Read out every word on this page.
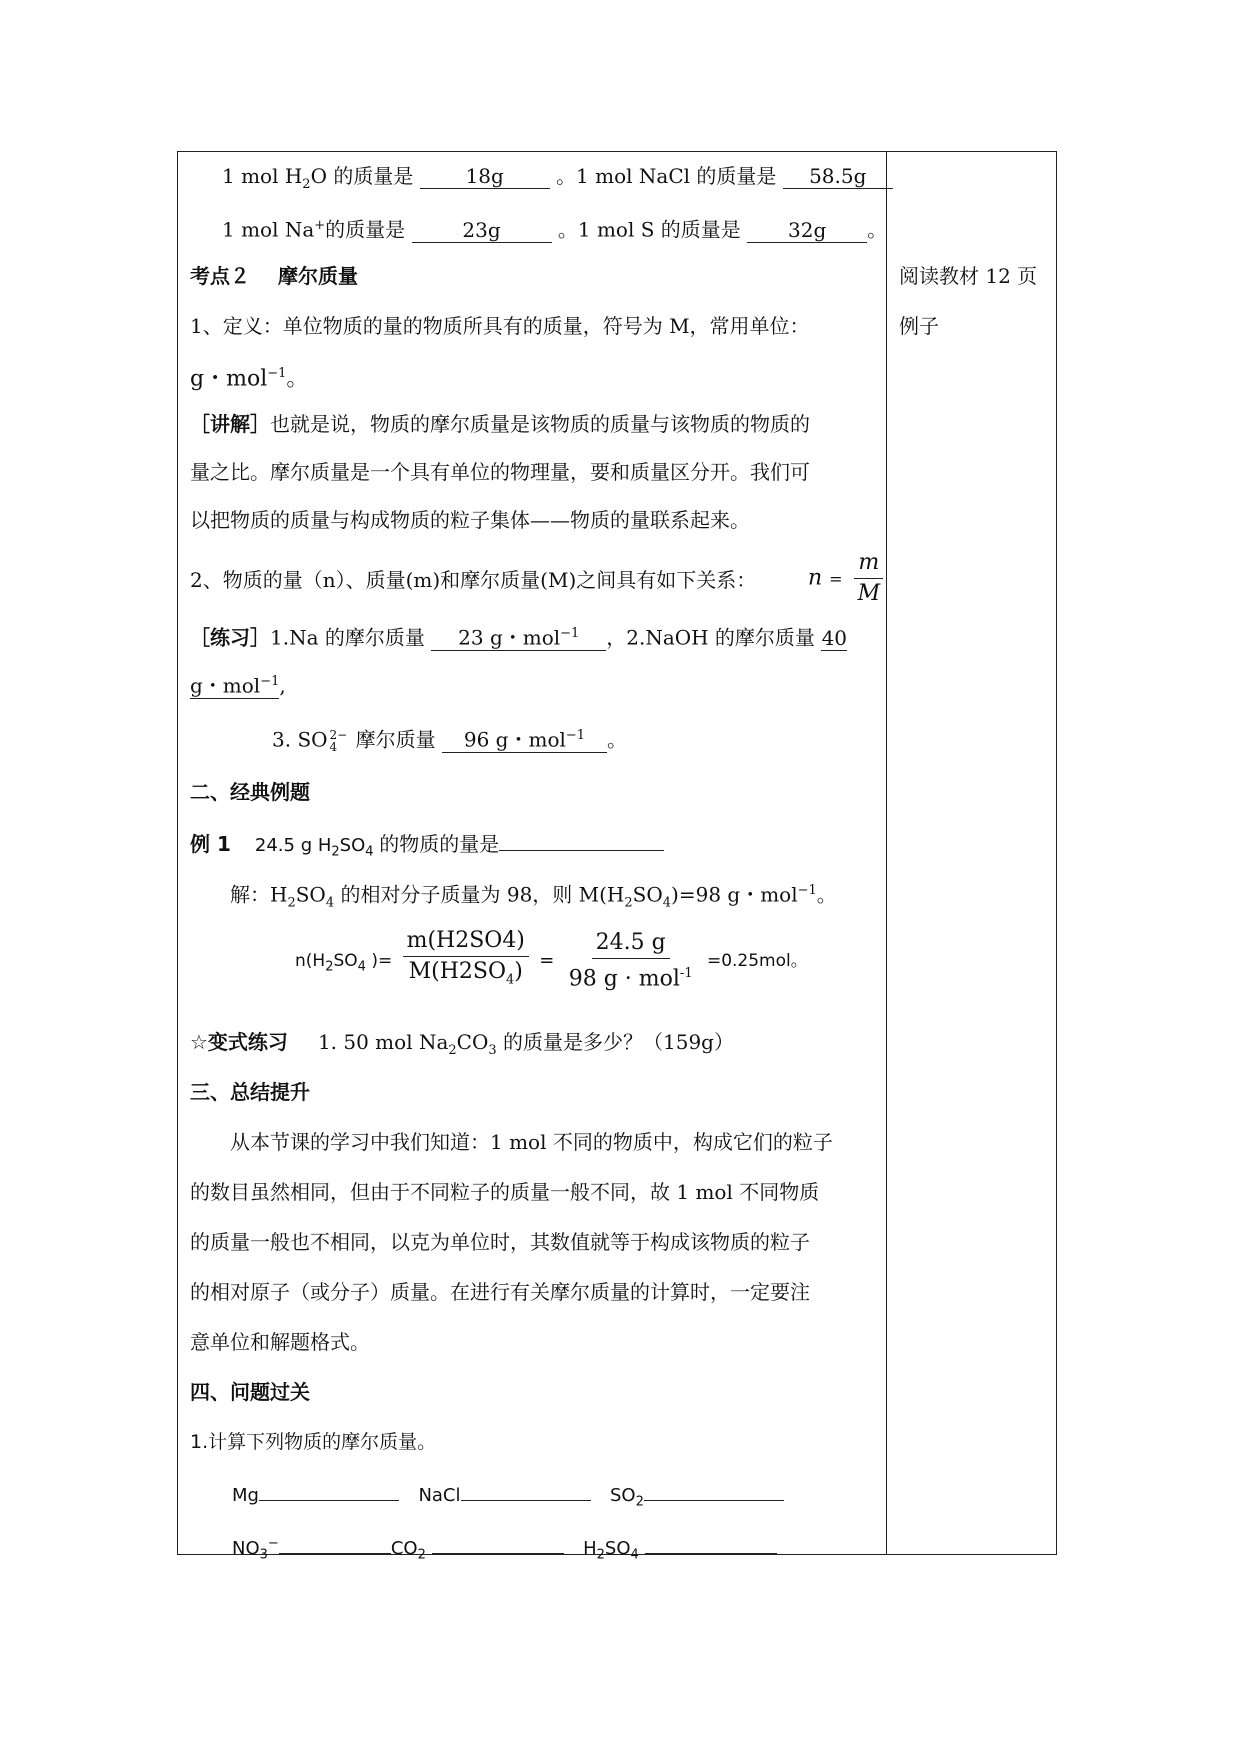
1 mol $H_2O$ 的质量是	18g	。1 mol NaCl 的质量是 58.5g
1 mol Na+的质量是	23g	。1 mol S 的质量是 32g 。
阅读教材 12 页
例子
考点２ 摩尔质量
1、定义：单位物质的量的物质所具有的质量，符号为 M，常用单位：
g・mol$^{-1}$。
［讲解］也就是说，物质的摩尔质量是该物质的质量与该物质的物质的
量之比。摩尔质量是一个具有单位的物理量，要和质量区分开。我们可
以把物质的质量与构成物质的粒子集体——物质的量联系起来。
2、物质的量（n）、质量(m)和摩尔质量(M)之间具有如下关系： $n = \frac{m}{M}$
［练习］1.Na 的摩尔质量 23 g・mol$^{-1}$ ，2.NaOH 的摩尔质量 40
g・mol$^{-1}$,
3. SO 2−
4 摩尔质量 96 g・mol$^{-1}$ 。
二、经典例题
例 1 24.5 g $H_2SO_4$ 的物质的量是
解：$H_2SO_4$ 的相对分子质量为 98，则 $M(H_2SO_4)=98$ g・mol$^{-1}$。
$n(H_2SO_4$ )= $\frac{m(H2SO4)}{M(H2SO_4)} = \frac{24.5 g}{98 g \cdot mol^{-1}} =0.25mol$。
☆变式练习 1. 50 mol $Na_2CO_3$ 的质量是多少？（159g）
三、总结提升
从本节课的学习中我们知道：1 mol 不同的物质中，构成它们的粒子
的数目虽然相同，但由于不同粒子的质量一般不同，故 1 mol 不同物质
的质量一般也不相同，以克为单位时，其数值就等于构成该物质的粒子
的相对原子（或分子）质量。在进行有关摩尔质量的计算时，一定要注
意单位和解题格式。
四、问题过关
1.计算下列物质的摩尔质量。
Mg	NaCl	$SO_2$
$NO_3^-$	$CO_2$	$H_2SO_4$
